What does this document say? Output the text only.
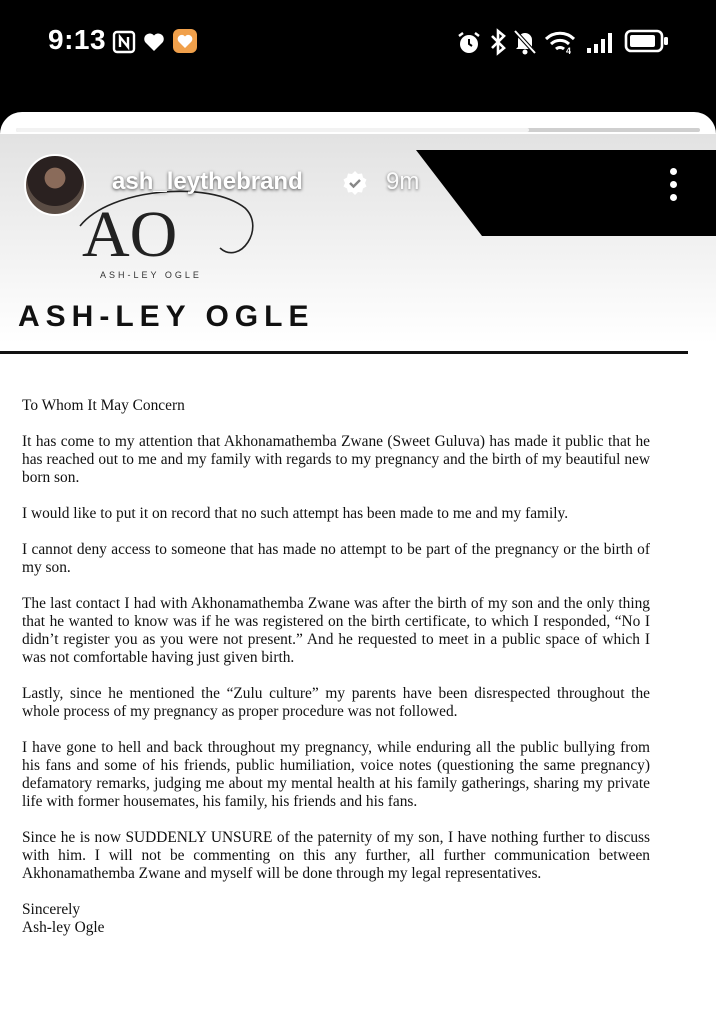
9:13	4
AO
ASH-LEY OGLE
ASH-LEY OGLE

To Whom It May Concern

It has come to my attention that Akhonamathemba Zwane (Sweet Guluva) has made it public that he has reached out to me and my family with regards to my pregnancy and the birth of my beautiful new born son.

I would like to put it on record that no such attempt has been made to me and my family.

I cannot deny access to someone that has made no attempt to be part of the pregnancy or the birth of my son.

The last contact I had with Akhonamathemba Zwane was after the birth of my son and the only thing that he wanted to know was if he was registered on the birth certificate, to which I responded, “No I didn’t register you as you were not present.” And he requested to meet in a public space of which I was not comfortable having just given birth.

Lastly, since he mentioned the “Zulu culture” my parents have been disrespected throughout the whole process of my pregnancy as proper procedure was not followed.

I have gone to hell and back throughout my pregnancy, while enduring all the public bullying from his fans and some of his friends, public humiliation, voice notes (questioning the same pregnancy) defamatory remarks, judging me about my mental health at his family gatherings, sharing my private life with former housemates, his family, his friends and his fans.

Since he is now SUDDENLY UNSURE of the paternity of my son, I have nothing further to discuss with him. I will not be commenting on this any further, all further communication between Akhonamathemba Zwane and myself will be done through my legal representatives.

Sincerely

Ash-ley Ogle

ash_leythebrand	9m
